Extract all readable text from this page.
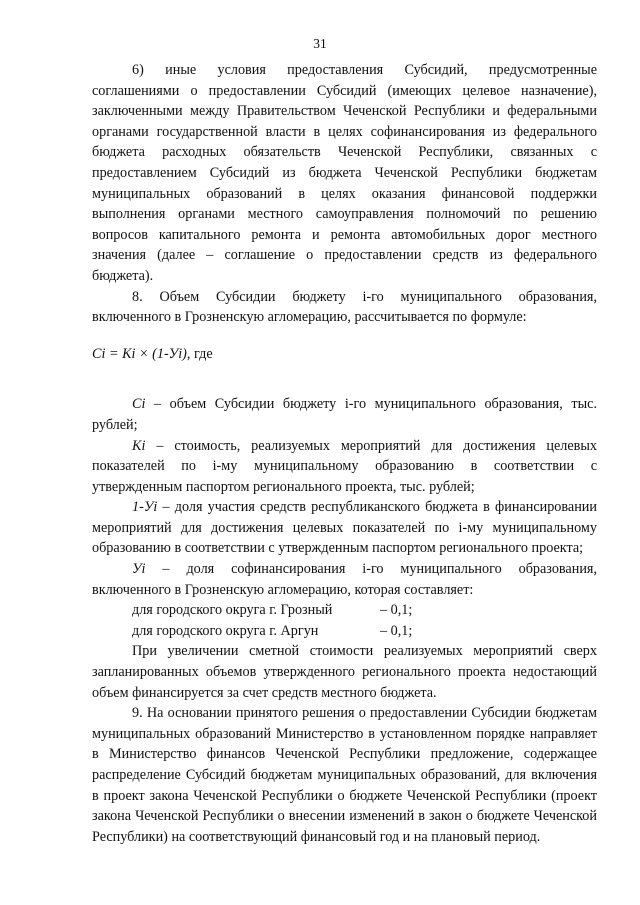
31

6) иные условия предоставления Субсидий, предусмотренные соглашениями о предоставлении Субсидий (имеющих целевое назначение), заключенными между Правительством Чеченской Республики и федеральными органами государственной власти в целях софинансирования из федерального бюджета расходных обязательств Чеченской Республики, связанных с предоставлением Субсидий из бюджета Чеченской Республики бюджетам муниципальных образований в целях оказания финансовой поддержки выполнения органами местного самоуправления полномочий по решению вопросов капитального ремонта и ремонта автомобильных дорог местного значения (далее – соглашение о предоставлении средств из федерального бюджета).

8. Объем Субсидии бюджету i-го муниципального образования, включенного в Грозненскую агломерацию, рассчитывается по формуле:

Ci = Ki × (1-Уi), где

Ci – объем Субсидии бюджету i-го муниципального образования, тыс. рублей;

Ki – стоимость, реализуемых мероприятий для достижения целевых показателей по i-му муниципальному образованию в соответствии с утвержденным паспортом регионального проекта, тыс. рублей;

1-Уi – доля участия средств республиканского бюджета в финансировании мероприятий для достижения целевых показателей по i-му муниципальному образованию в соответствии с утвержденным паспортом регионального проекта;

Уi – доля софинансирования i-го муниципального образования, включенного в Грозненскую агломерацию, которая составляет:

для городского округа г. Грозный	– 0,1;
для городского округа г. Аргун	– 0,1;

При увеличении сметной стоимости реализуемых мероприятий сверх запланированных объемов утвержденного регионального проекта недостающий объем финансируется за счет средств местного бюджета.

9. На основании принятого решения о предоставлении Субсидии бюджетам муниципальных образований Министерство в установленном порядке направляет в Министерство финансов Чеченской Республики предложение, содержащее распределение Субсидий бюджетам муниципальных образований, для включения в проект закона Чеченской Республики о бюджете Чеченской Республики (проект закона Чеченской Республики о внесении изменений в закон о бюджете Чеченской Республики) на соответствующий финансовый год и на плановый период.
